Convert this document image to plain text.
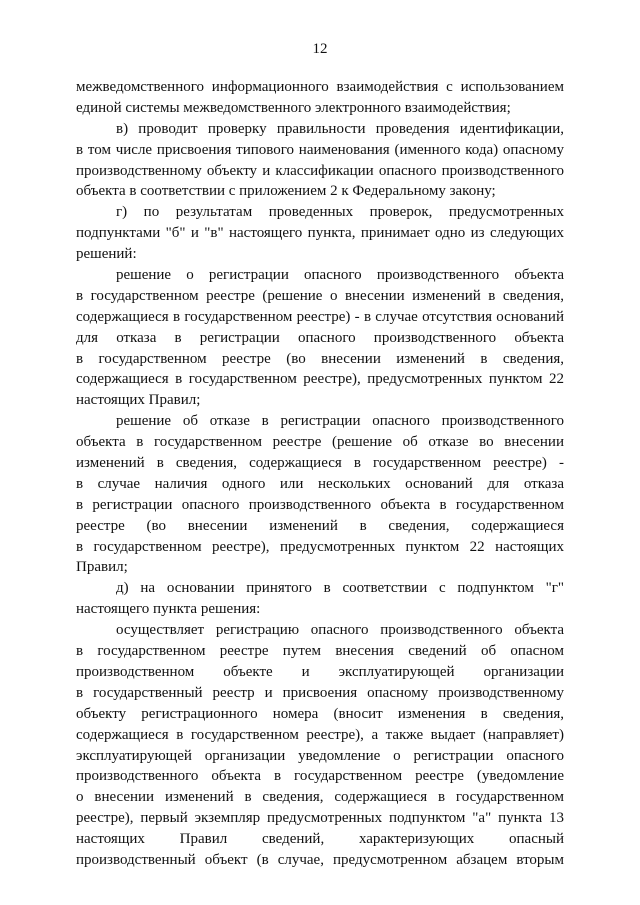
12
межведомственного информационного взаимодействия с использованием
единой системы межведомственного электронного взаимодействия;
в) проводит проверку правильности проведения идентификации,
в том числе присвоения типового наименования (именного кода) опасному
производственному объекту и классификации опасного производственного
объекта в соответствии с приложением 2 к Федеральному закону;
г) по результатам проведенных проверок, предусмотренных
подпунктами "б" и "в" настоящего пункта, принимает одно из следующих
решений:
решение о регистрации опасного производственного объекта
в государственном реестре (решение о внесении изменений в сведения,
содержащиеся в государственном реестре) - в случае отсутствия оснований
для отказа в регистрации опасного производственного объекта
в государственном реестре (во внесении изменений в сведения,
содержащиеся в государственном реестре), предусмотренных пунктом 22
настоящих Правил;
решение об отказе в регистрации опасного производственного
объекта в государственном реестре (решение об отказе во внесении
изменений в сведения, содержащиеся в государственном реестре) -
в случае наличия одного или нескольких оснований для отказа
в регистрации опасного производственного объекта в государственном
реестре (во внесении изменений в сведения, содержащиеся
в государственном реестре), предусмотренных пунктом 22 настоящих
Правил;
д) на основании принятого в соответствии с подпунктом "г"
настоящего пункта решения:
осуществляет регистрацию опасного производственного объекта
в государственном реестре путем внесения сведений об опасном
производственном объекте и эксплуатирующей организации
в государственный реестр и присвоения опасному производственному
объекту регистрационного номера (вносит изменения в сведения,
содержащиеся в государственном реестре), а также выдает (направляет)
эксплуатирующей организации уведомление о регистрации опасного
производственного объекта в государственном реестре (уведомление
о внесении изменений в сведения, содержащиеся в государственном
реестре), первый экземпляр предусмотренных подпунктом "а" пункта 13
настоящих Правил сведений, характеризующих опасный
производственный объект (в случае, предусмотренном абзацем вторым
